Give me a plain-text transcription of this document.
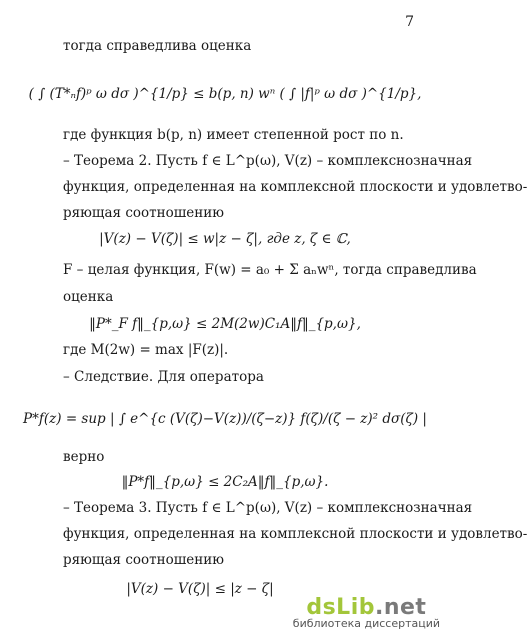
7
тогда справедлива оценка
( ∫ (T*ₙf)ᵖ ω dσ )^{1/p} ≤ b(p, n) wⁿ ( ∫ |f|ᵖ ω dσ )^{1/p},
где функция b(p, n) имеет степенной рост по n.
– Теорема 2. Пусть f ∈ L^p(ω), V(z) – комплекснозначная
функция, определенная на комплексной плоскости и удовлетво-
ряющая соотношению
|V(z) − V(ζ)| ≤ w|z − ζ|, где z, ζ ∈ ℂ,
F – целая функция, F(w) = a₀ + Σ aₙwⁿ, тогда справедлива
оценка
‖P*_F f‖_{p,ω} ≤ 2M(2w)C₁A‖f‖_{p,ω},
где M(2w) = max |F(z)|.
– Следствие. Для оператора
P*f(z) = sup | ∫ e^{c (V(ζ)−V(z))/(ζ−z)} f(ζ)/(ζ − z)² dσ(ζ) |
верно
‖P*f‖_{p,ω} ≤ 2C₂A‖f‖_{p,ω}.
– Теорема 3. Пусть f ∈ L^p(ω), V(z) – комплекснозначная
функция, определенная на комплексной плоскости и удовлетво-
ряющая соотношению
|V(z) − V(ζ)| ≤ |z − ζ|
dsLib.net
библиотека диссертаций
